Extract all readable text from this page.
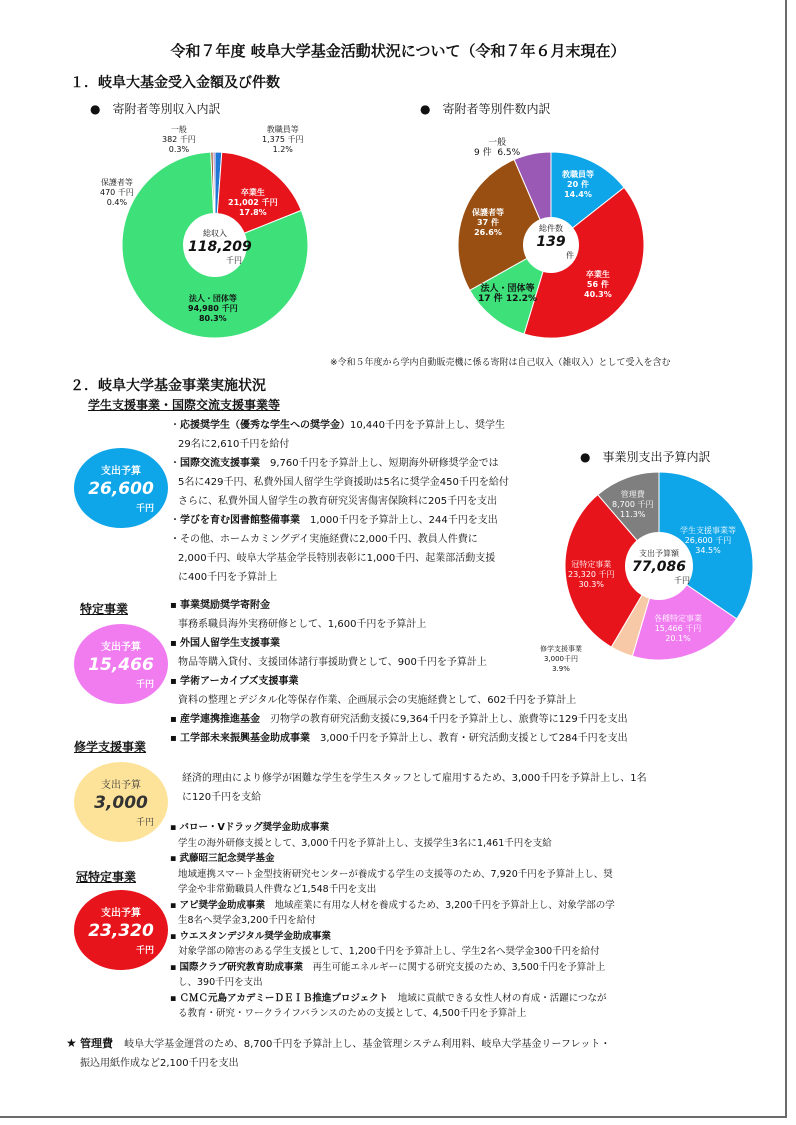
令和７年度 岐阜大学基金活動状況について（令和７年６月末現在）
１．岐阜大基金受入金額及び件数
●　寄附者等別収入内訳	●　寄附者等別件数内訳
総収入
118,209
千円
一般
382 千円
0.3%
教職員等
1,375 千円
1.2%
保護者等
470 千円
0.4%
卒業生
21,002 千円
17.8%
法人・団体等
94,980 千円
80.3%
総件数
139
件
一般
9 件 6.5%
教職員等
20 件
14.4%
保護者等
37 件
26.6%
卒業生
56 件
40.3%
法人・団体等
17 件 12.2%
※令和５年度から学内自動販売機に係る寄附は自己収入（雑収入）として受入を含む
２．岐阜大学基金事業実施状況
学生支援事業・国際交流支援事業等
支出予算
26,600
千円
・応援奨学生（優秀な学生への奨学金）10,440千円を予算計上し、奨学生
29名に2,610千円を給付
・国際交流支援事業　9,760千円を予算計上し、短期海外研修奨学金では
5名に429千円、私費外国人留学生学資援助は5名に奨学金450千円を給付
さらに、私費外国人留学生の教育研究災害傷害保険料に205千円を支出
・学びを育む図書館整備事業　1,000千円を予算計上し、244千円を支出
・その他、ホームカミングデイ実施経費に2,000千円、教員人件費に
2,000千円、岐阜大学基金学長特別表彰に1,000千円、起業部活動支援
に400千円を予算計上
●　事業別支出予算内訳
支出予算額
77,086
千円
管理費
8,700 千円
11.3%
学生支援事業等
26,600 千円
34.5%
冠特定事業
23,320 千円
30.3%
各種特定事業
15,466 千円
20.1%
修学支援事業
3,000千円
3.9%
特定事業
支出予算
15,466
千円
▪ 事業奨励奨学寄附金
事務系職員海外実務研修として、1,600千円を予算計上
▪ 外国人留学生支援事業
物品等購入貸付、支援団体諸行事援助費として、900千円を予算計上
▪ 学術アーカイブズ支援事業
資料の整理とデジタル化等保存作業、企画展示会の実施経費として、602千円を予算計上
▪ 産学連携推進基金　刃物学の教育研究活動支援に9,364千円を予算計上し、旅費等に129千円を支出
▪ 工学部未来振興基金助成事業　3,000千円を予算計上し、教育・研究活動支援として284千円を支出
修学支援事業
支出予算
3,000
千円
経済的理由により修学が困難な学生を学生スタッフとして雇用するため、3,000千円を予算計上し、1名
に120千円を支給
冠特定事業
支出予算
23,320
千円
▪ バロー・Vドラッグ奨学金助成事業
学生の海外研修支援として、3,000千円を予算計上し、支援学生3名に1,461千円を支給
▪ 武藤昭三記念奨学基金
地域連携スマート金型技術研究センターが養成する学生の支援等のため、7,920千円を予算計上し、奨
学金や非常勤職員人件費など1,548千円を支出
▪ アピ奨学金助成事業　地域産業に有用な人材を養成するため、3,200千円を予算計上し、対象学部の学
生8名へ奨学金3,200千円を給付
▪ ウエスタンデジタル奨学金助成事業
対象学部の障害のある学生支援として、1,200千円を予算計上し、学生2名へ奨学金300千円を給付
▪ 国際クラブ研究教育助成事業　再生可能エネルギーに関する研究支援のため、3,500千円を予算計上
し、390千円を支出
▪ ＣＭＣ元島アカデミーＤＥＩＢ推進プロジェクト　地域に貢献できる女性人材の育成・活躍につなが
る教育・研究・ワークライフバランスのための支援として、4,500千円を予算計上
★ 管理費 岐阜大学基金運営のため、8,700千円を予算計上し、基金管理システム利用料、岐阜大学基金リーフレット・
振込用紙作成など2,100千円を支出
